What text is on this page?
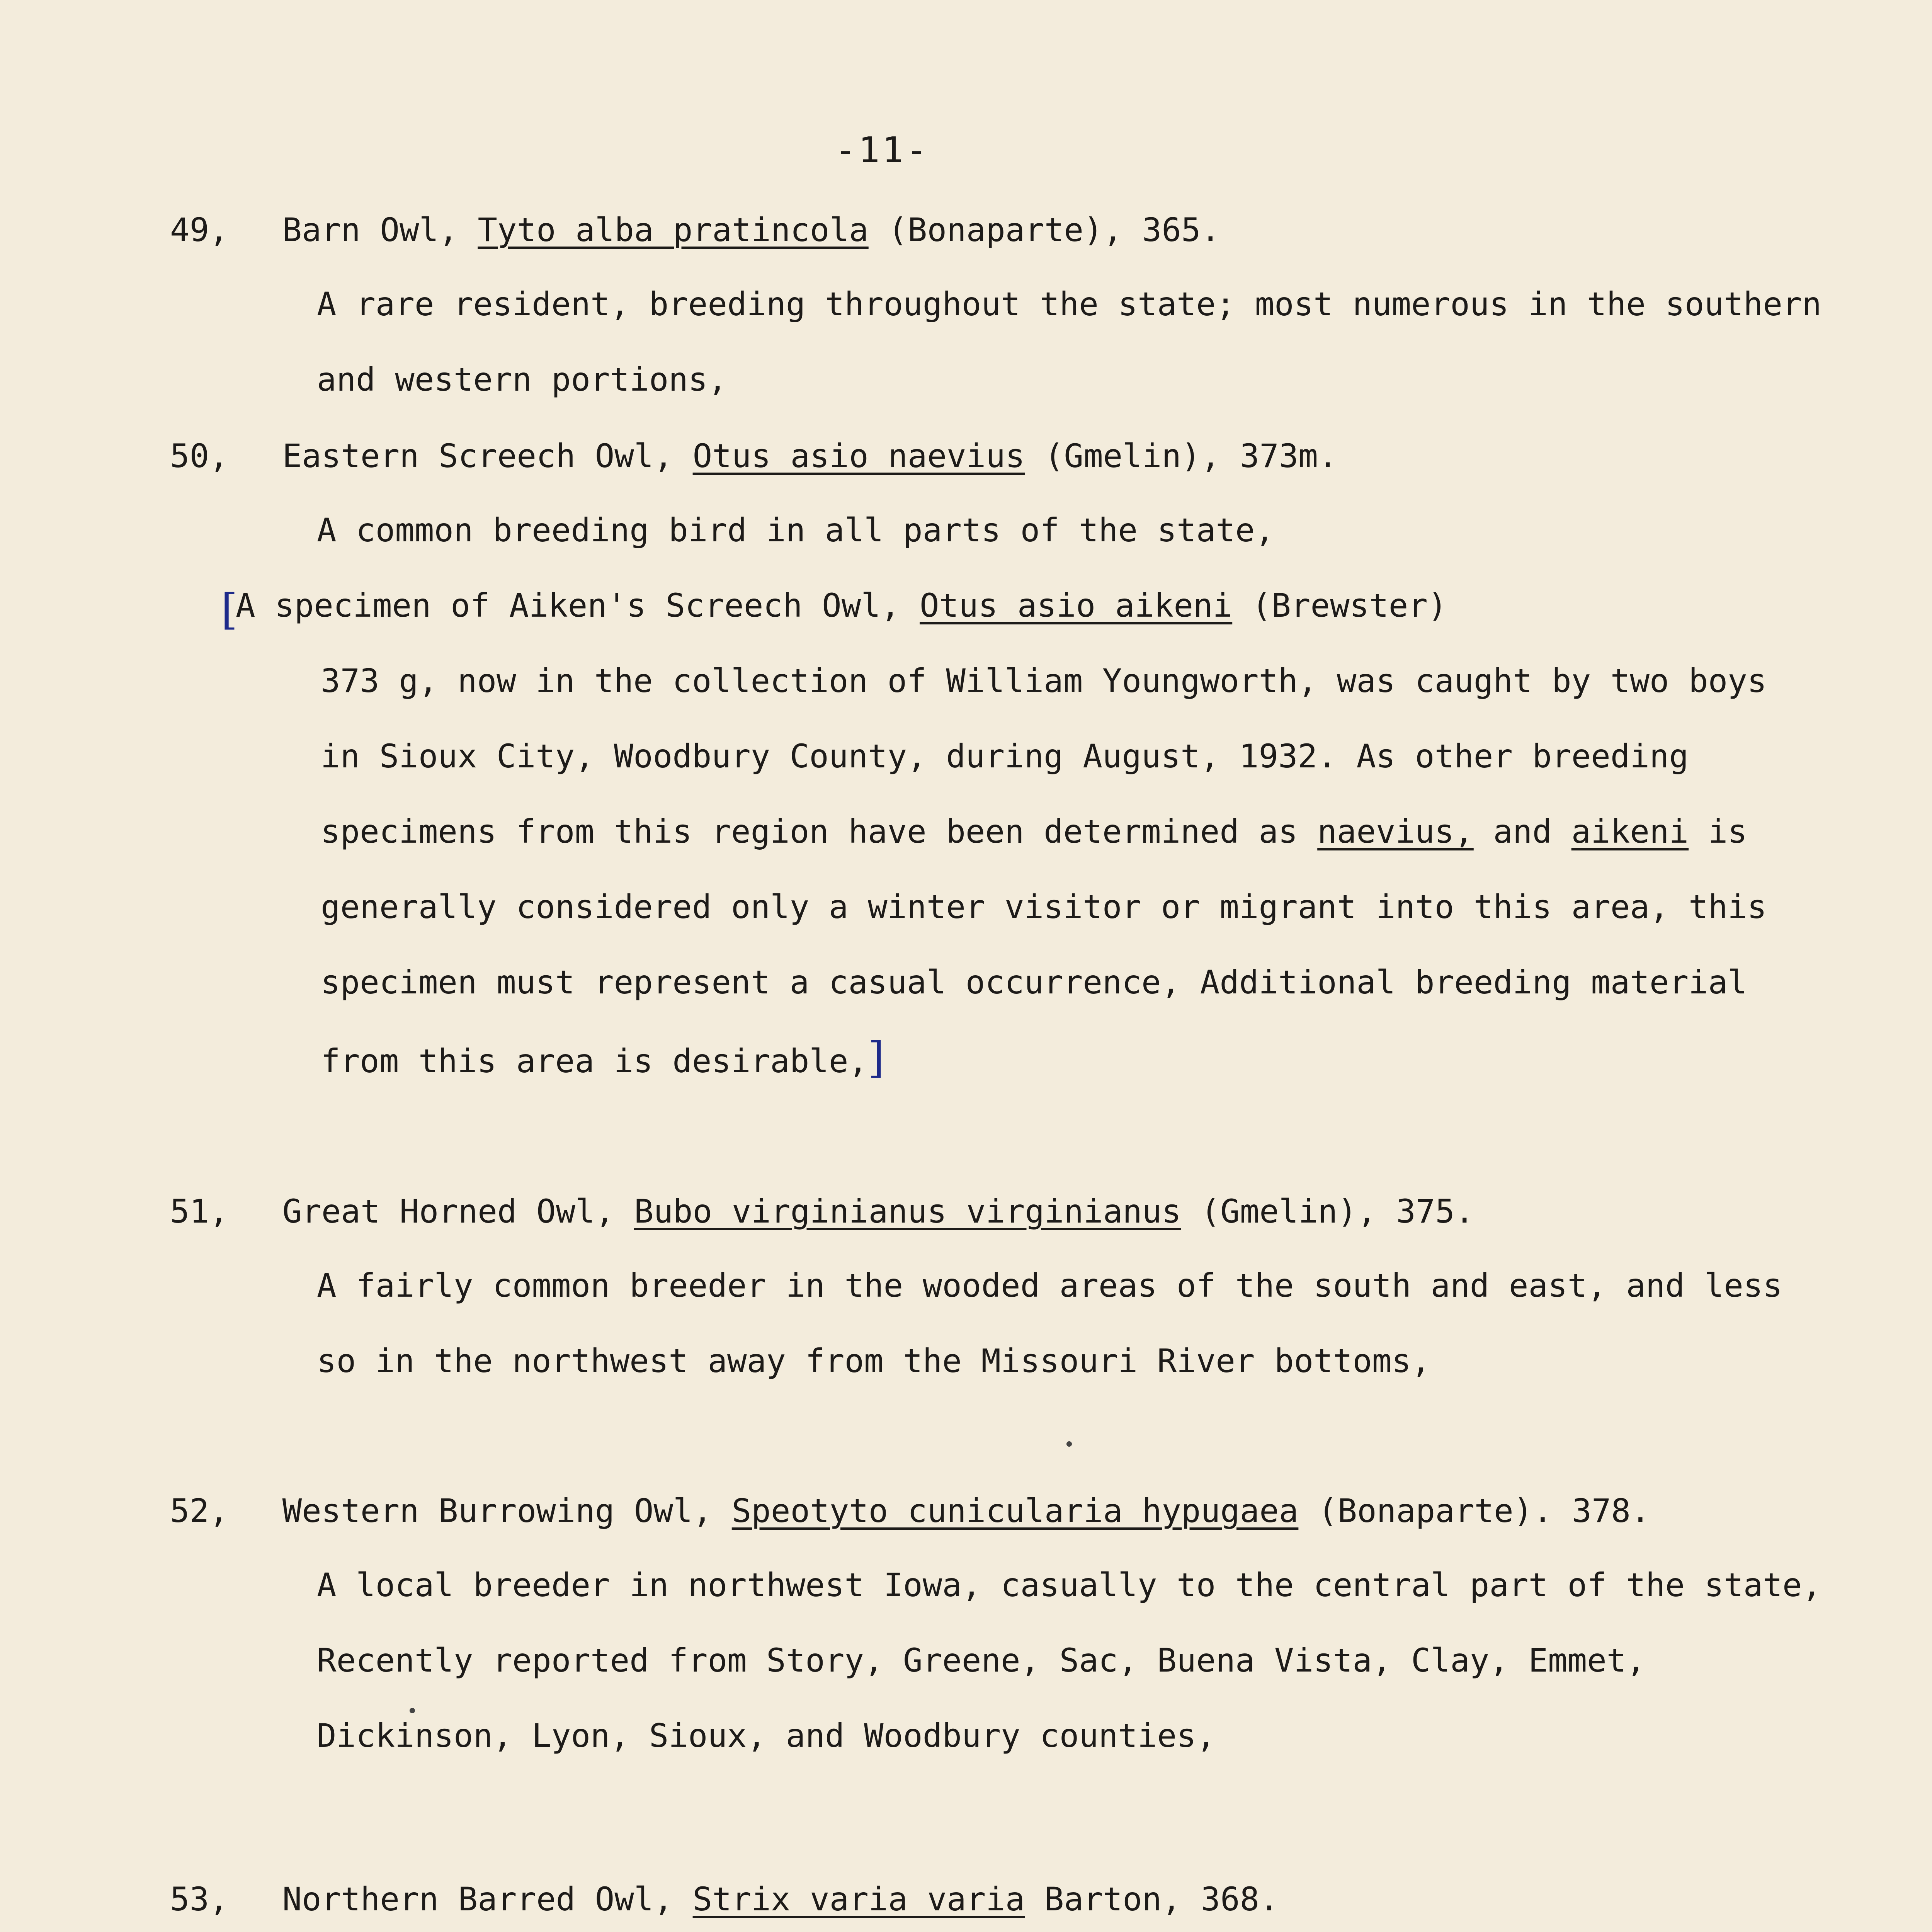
-11-
49, Barn Owl, Tyto alba pratincola (Bonaparte), 365.
A rare resident, breeding throughout the state; most numerous in the southern and western portions,
50, Eastern Screech Owl, Otus asio naevius (Gmelin), 373m.
A common breeding bird in all parts of the state,
[
A specimen of Aiken's Screech Owl, Otus asio aikeni (Brewster)
373 g, now in the collection of William Youngworth, was caught by two boys in Sioux City, Woodbury County, during August, 1932. As other breeding specimens from this region have been determined as naevius, and aikeni is generally considered only a winter visitor or migrant into this area, this specimen must represent a casual occurrence, Additional breeding material from this area is desirable,]
51, Great Horned Owl, Bubo virginianus virginianus (Gmelin), 375.
A fairly common breeder in the wooded areas of the south and east, and less so in the northwest away from the Missouri River bottoms,
52, Western Burrowing Owl, Speotyto cunicularia hypugaea (Bonaparte). 378.
A local breeder in northwest Iowa, casually to the central part of the state, Recently reported from Story, Greene, Sac, Buena Vista, Clay, Emmet, Dickinson, Lyon, Sioux, and Woodbury counties,
53, Northern Barred Owl, Strix varia varia Barton, 368.
